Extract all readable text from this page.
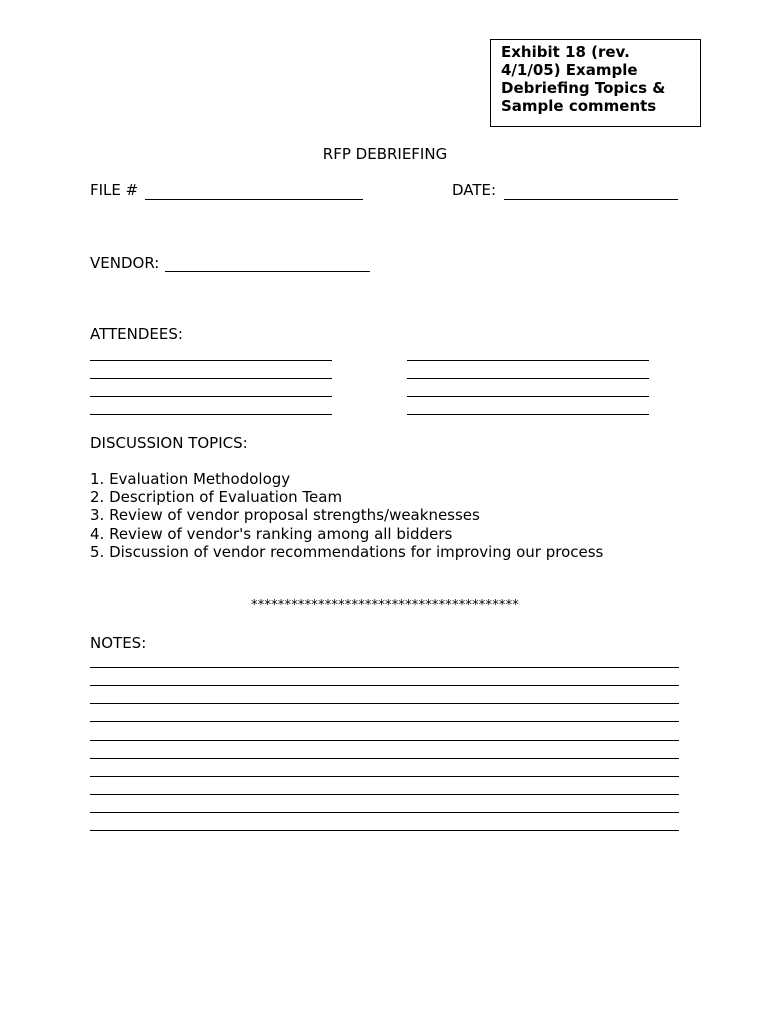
Exhibit 18 (rev. 4/1/05) Example Debriefing Topics & Sample comments
RFP DEBRIEFING
FILE #	DATE:
VENDOR:
ATTENDEES:
DISCUSSION TOPICS:
1. Evaluation Methodology
2. Description of Evaluation Team
3. Review of vendor proposal strengths/weaknesses
4. Review of vendor's ranking among all bidders
5. Discussion of vendor recommendations for improving our process
****************************************
NOTES:
